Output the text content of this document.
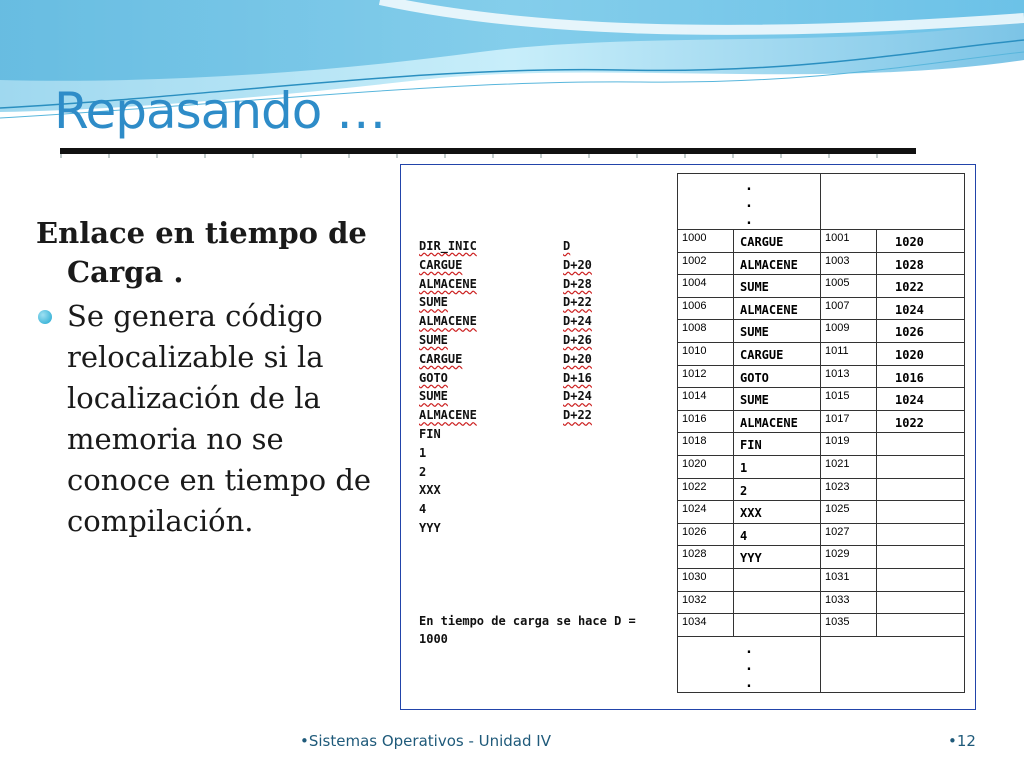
Repasando …

Enlace en tiempo de
Carga .

Se genera código relocalizable si la localización de la memoria no se conoce en tiempo de compilación.
DIR_INIC	D
CARGUE	D+20
ALMACENE	D+28
SUME	D+22
ALMACENE	D+24
SUME	D+26
CARGUE	D+20
GOTO	D+16
SUME	D+24
ALMACENE	D+22
FIN
1
2
XXX
4
YYY
En tiempo de carga se hace D =
1000
.
.
.			
1000	CARGUE	1001	1020
1002	ALMACENE	1003	1028
1004	SUME	1005	1022
1006	ALMACENE	1007	1024
1008	SUME	1009	1026
1010	CARGUE	1011	1020
1012	GOTO	1013	1016
1014	SUME	1015	1024
1016	ALMACENE	1017	1022
1018	FIN	1019	
1020	1	1021	
1022	2	1023	
1024	XXX	1025	
1026	4	1027	
1028	YYY	1029	
1030		1031	
1032		1033	
1034		1035	
.
.
.			
•Sistemas Operativos - Unidad IV	•12
